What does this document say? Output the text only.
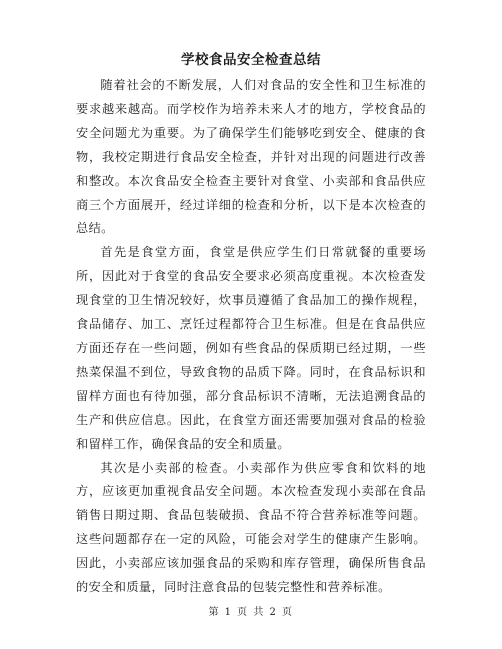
学校食品安全检查总结

随着社会的不断发展，人们对食品的安全性和卫生标准的要求越来越高。而学校作为培养未来人才的地方，学校食品的安全问题尤为重要。为了确保学生们能够吃到安全、健康的食物，我校定期进行食品安全检查，并针对出现的问题进行改善和整改。本次食品安全检查主要针对食堂、小卖部和食品供应商三个方面展开，经过详细的检查和分析，以下是本次检查的总结。

首先是食堂方面，食堂是供应学生们日常就餐的重要场所，因此对于食堂的食品安全要求必须高度重视。本次检查发现食堂的卫生情况较好，炊事员遵循了食品加工的操作规程，食品储存、加工、烹饪过程都符合卫生标准。但是在食品供应方面还存在一些问题，例如有些食品的保质期已经过期，一些热菜保温不到位，导致食物的品质下降。同时，在食品标识和留样方面也有待加强，部分食品标识不清晰，无法追溯食品的生产和供应信息。因此，在食堂方面还需要加强对食品的检验和留样工作，确保食品的安全和质量。

其次是小卖部的检查。小卖部作为供应零食和饮料的地方，应该更加重视食品安全问题。本次检查发现小卖部在食品销售日期过期、食品包装破损、食品不符合营养标准等问题。这些问题都存在一定的风险，可能会对学生的健康产生影响。因此，小卖部应该加强食品的采购和库存管理，确保所售食品的安全和质量，同时注意食品的包装完整性和营养标准。

第 1 页 共 2 页
